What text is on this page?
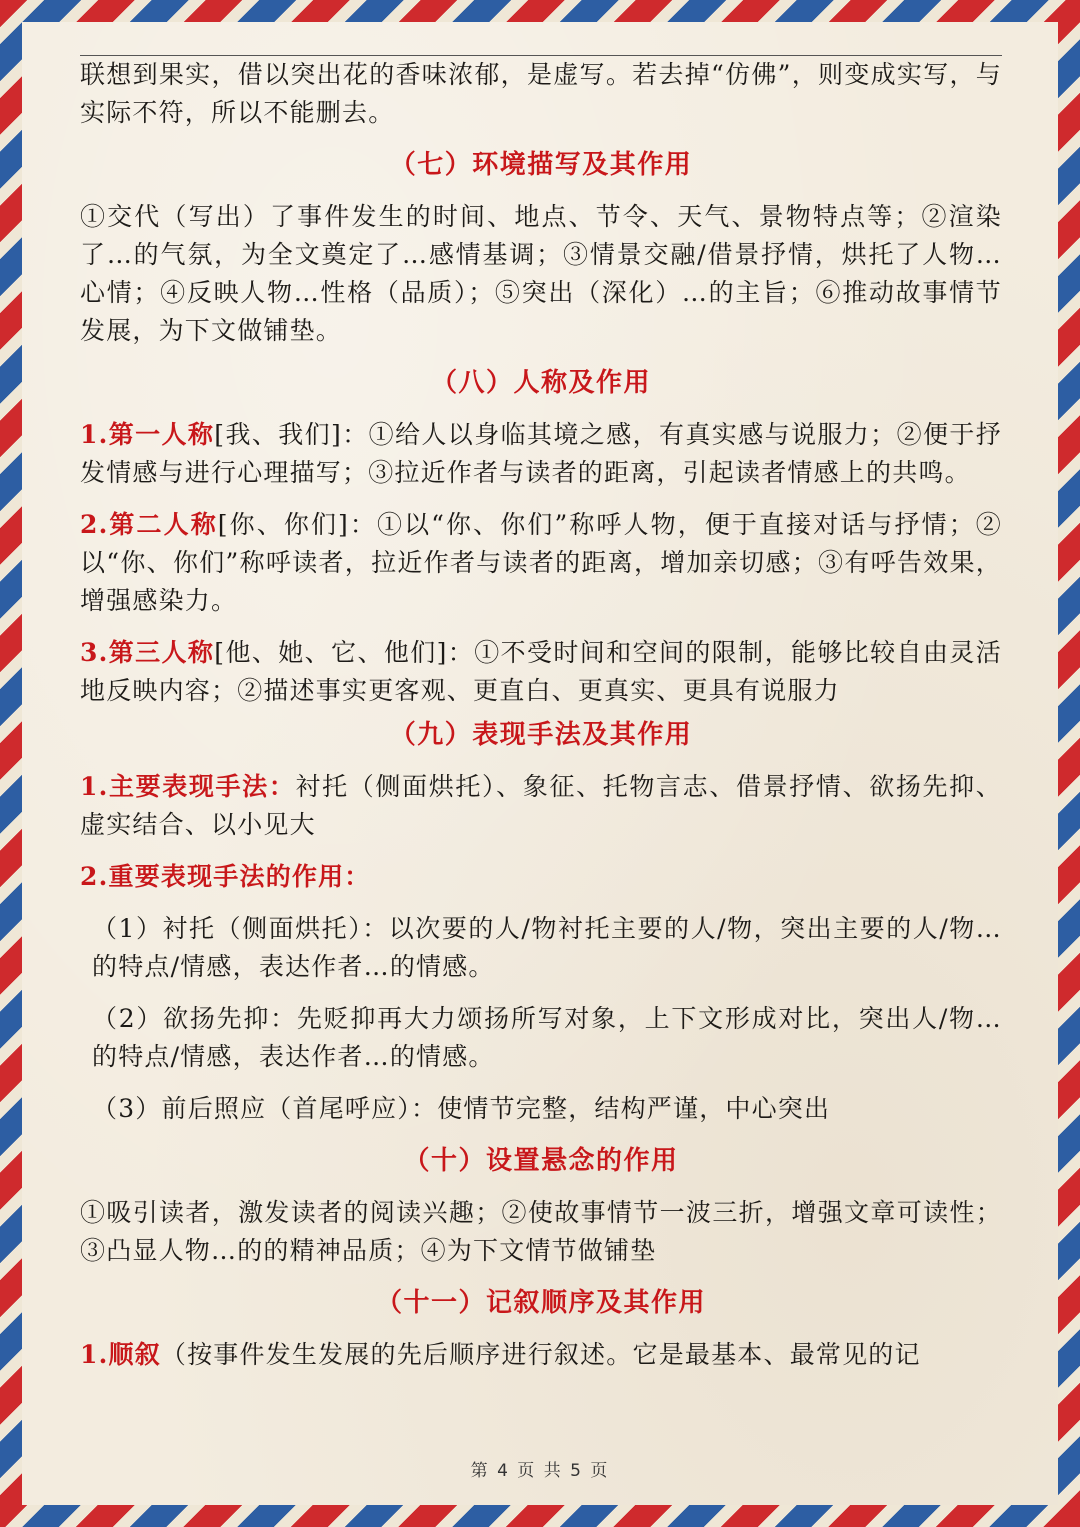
联想到果实，借以突出花的香味浓郁，是虚写。若去掉“仿佛”，则变成实写，与实际不符，所以不能删去。

（七）环境描写及其作用

①交代（写出）了事件发生的时间、地点、节令、天气、景物特点等；②渲染了…的气氛，为全文奠定了…感情基调；③情景交融/借景抒情，烘托了人物…心情；④反映人物…性格（品质）；⑤突出（深化）…的主旨；⑥推动故事情节发展，为下文做铺垫。

（八）人称及作用

1.第一人称[我、我们]：①给人以身临其境之感，有真实感与说服力；②便于抒发情感与进行心理描写；③拉近作者与读者的距离，引起读者情感上的共鸣。

2.第二人称[你、你们]：①以“你、你们”称呼人物，便于直接对话与抒情；②以“你、你们”称呼读者，拉近作者与读者的距离，增加亲切感；③有呼告效果，增强感染力。

3.第三人称[他、她、它、他们]：①不受时间和空间的限制，能够比较自由灵活地反映内容；②描述事实更客观、更直白、更真实、更具有说服力

（九）表现手法及其作用

1.主要表现手法：衬托（侧面烘托）、象征、托物言志、借景抒情、欲扬先抑、虚实结合、以小见大

2.重要表现手法的作用：

（1）衬托（侧面烘托）：以次要的人/物衬托主要的人/物，突出主要的人/物…的特点/情感，表达作者…的情感。

（2）欲扬先抑：先贬抑再大力颂扬所写对象，上下文形成对比，突出人/物…的特点/情感，表达作者…的情感。

（3）前后照应（首尾呼应）：使情节完整，结构严谨，中心突出

（十）设置悬念的作用

①吸引读者，激发读者的阅读兴趣；②使故事情节一波三折，增强文章可读性；③凸显人物…的的精神品质；④为下文情节做铺垫

（十一）记叙顺序及其作用

1.顺叙（按事件发生发展的先后顺序进行叙述。它是最基本、最常见的记

第 4 页 共 5 页
